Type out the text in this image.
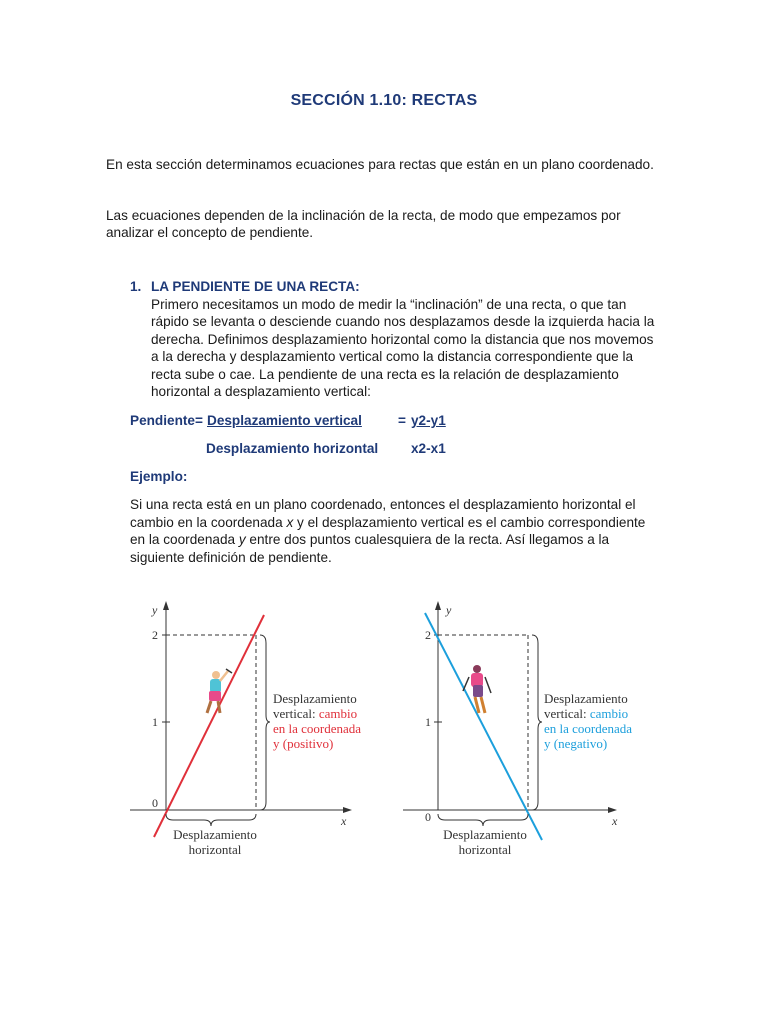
SECCIÓN 1.10: RECTAS
En esta sección determinamos ecuaciones para rectas que están en un plano coordenado.
Las ecuaciones dependen de la inclinación de la recta, de modo que empezamos por analizar el concepto de pendiente.
1. LA PENDIENTE DE UNA RECTA:
Primero necesitamos un modo de medir la “inclinación” de una recta, o que tan rápido se levanta o desciende cuando nos desplazamos desde la izquierda hacia la derecha. Definimos desplazamiento horizontal como la distancia que nos movemos a la derecha y desplazamiento vertical como la distancia correspondiente que la recta sube o cae. La pendiente de una recta es la relación de desplazamiento horizontal a desplazamiento vertical:
Pendiente= Desplazamiento vertical	= y2-y1
Desplazamiento horizontal x2-x1
Ejemplo:
Si una recta está en un plano coordenado, entonces el desplazamiento horizontal el cambio en la coordenada x y el desplazamiento vertical es el cambio correspondiente en la coordenada y entre dos puntos cualesquiera de la recta. Así llegamos a la siguiente definición de pendiente.
y
x
2
1
0
Desplazamiento
vertical: cambio
en la coordenada
y (positivo)
Desplazamiento
horizontal
y
x
2
1
0
Desplazamiento
vertical: cambio
en la coordenada
y (negativo)
Desplazamiento
horizontal
